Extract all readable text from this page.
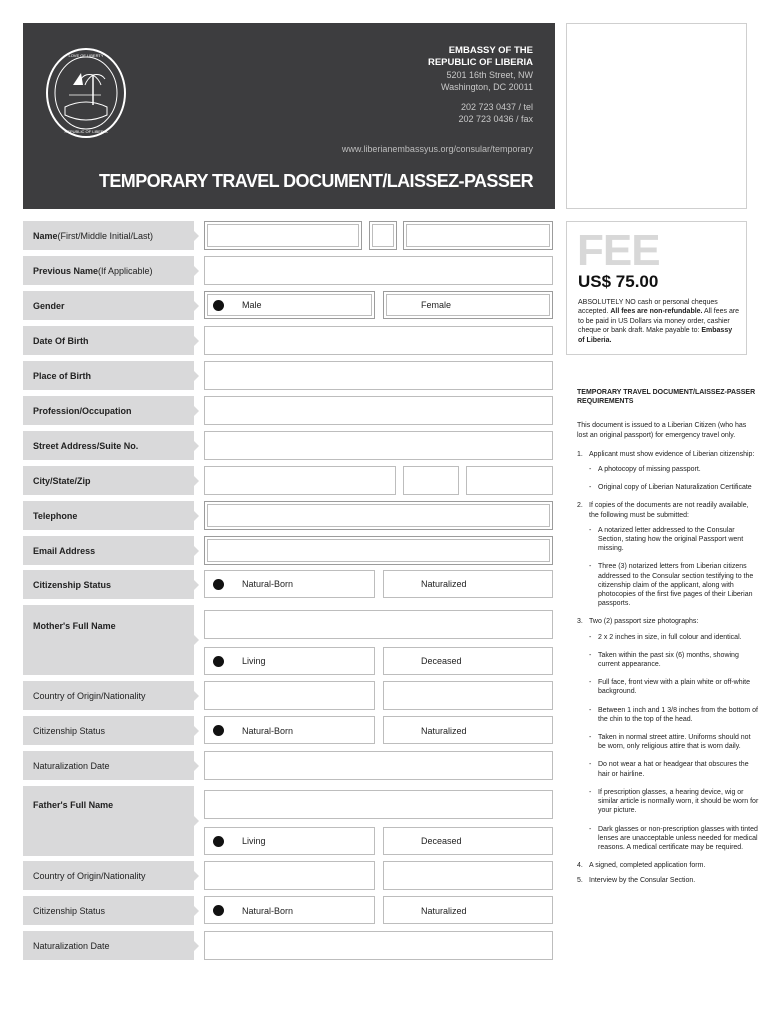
LOVE OF LIBERTY
REPUBLIC OF LIBERIA
EMBASSY OF THE
REPUBLIC OF LIBERIA
5201 16th Street, NW
Washington, DC 20011
202 723 0437 / tel
202 723 0436 / fax
www.liberianembassyus.org/consular/temporary
TEMPORARY TRAVEL DOCUMENT/LAISSEZ-PASSER
Name (First/Middle Initial/Last)
Previous Name (If Applicable)
Gender	Male	Female
Date Of Birth
Place of Birth
Profession/Occupation
Street Address/Suite No.
City/State/Zip
Telephone
Email Address
Citizenship Status	Natural-Born	Naturalized
Mother's Full Name
Living	Deceased
Country of Origin/Nationality
Citizenship Status	Natural-Born	Naturalized
Naturalization Date
Father's Full Name
Living	Deceased
Country of Origin/Nationality
Citizenship Status	Natural-Born	Naturalized
Naturalization Date
FEE
US$ 75.00
ABSOLUTELY NO cash or personal cheques accepted. All fees are non-refundable. All fees are to be paid in US Dollars via money order, cashier cheque or bank draft. Make payable to: Embassy of Liberia.
TEMPORARY TRAVEL DOCUMENT/LAISSEZ-PASSER REQUIREMENTS
This document is issued to a Liberian Citizen (who has lost an original passport) for emergency travel only.
1. Applicant must show evidence of Liberian citizenship:
- A photocopy of missing passport.
- Original copy of Liberian Naturalization Certificate
2. If copies of the documents are not readily available, the following must be submitted:
- A notarized letter addressed to the Consular Section, stating how the original Passport went missing.
- Three (3) notarized letters from Liberian citizens addressed to the Consular section testifying to the citizenship claim of the applicant, along with photocopies of the first five pages of their Liberian passports.
3. Two (2) passport size photographs:
- 2 x 2 inches in size, in full colour and identical.
- Taken within the past six (6) months, showing current appearance.
- Full face, front view with a plain white or off-white background.
- Between 1 inch and 1 3/8 inches from the bottom of the chin to the top of the head.
- Taken in normal street attire. Uniforms should not be worn, only religious attire that is worn daily.
- Do not wear a hat or headgear that obscures the hair or hairline.
- If prescription glasses, a hearing device, wig or similar article is normally worn, it should be worn for your picture.
- Dark glasses or non-prescription glasses with tinted lenses are unacceptable unless needed for medical reasons. A medical certificate may be required.
4. A signed, completed application form.
5. Interview by the Consular Section.
